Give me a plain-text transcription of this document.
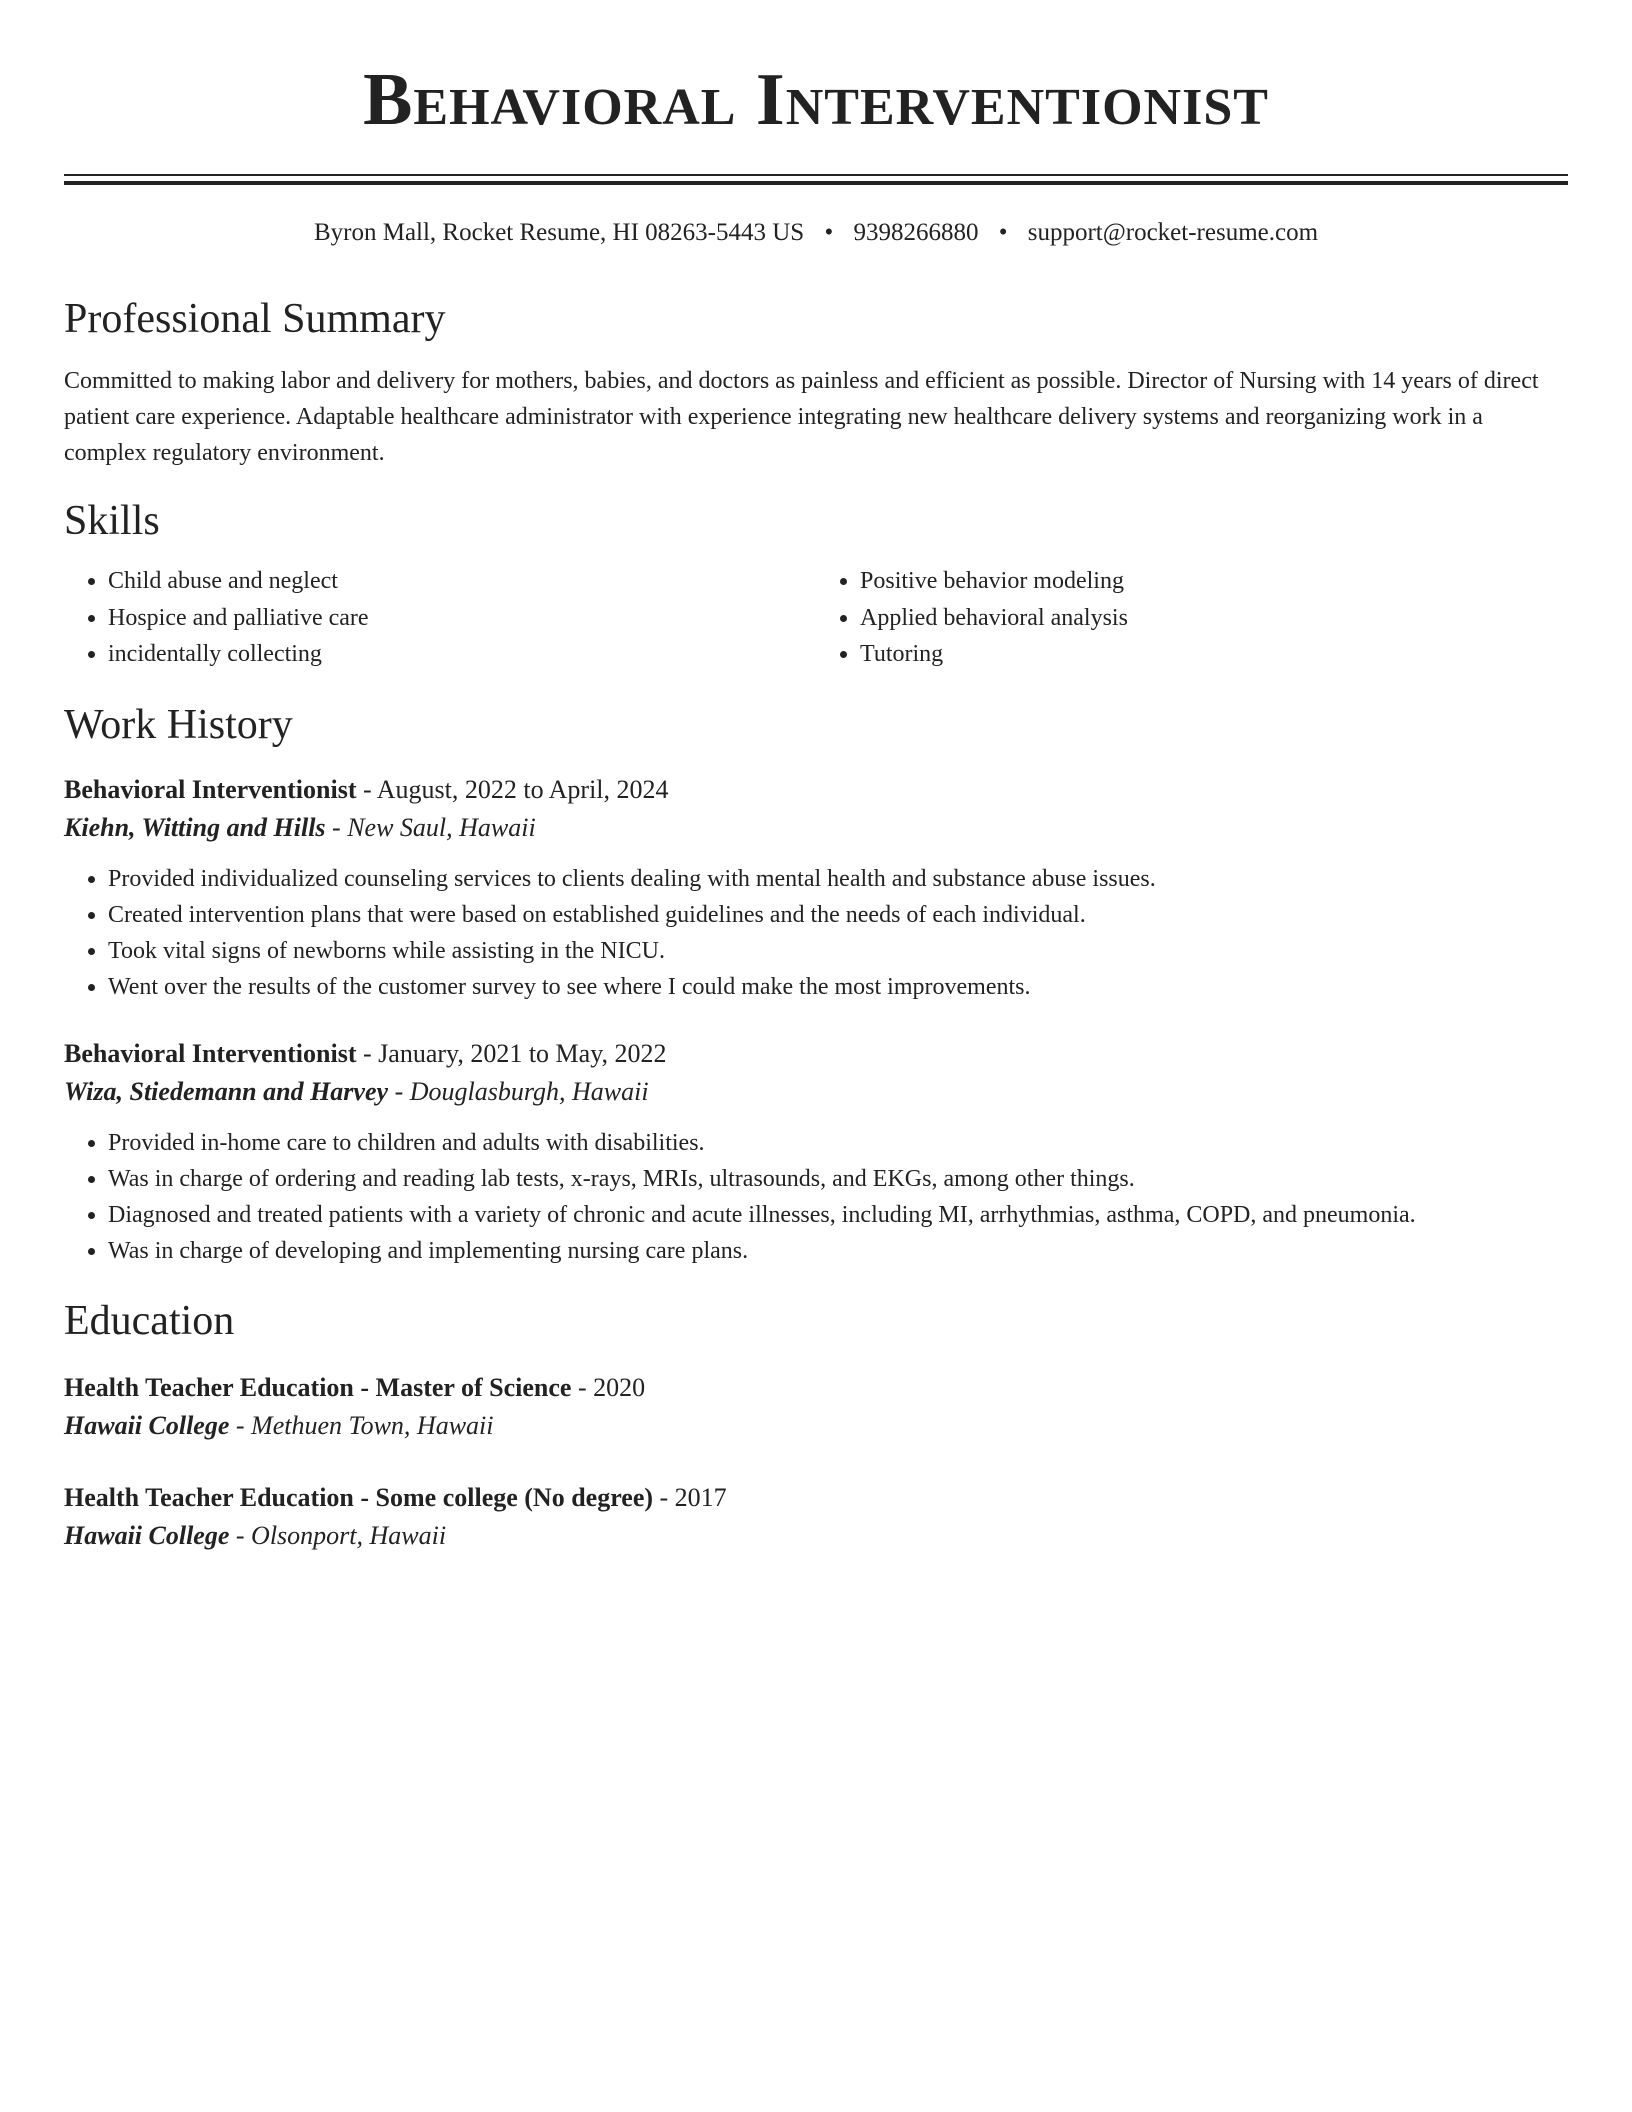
Behavioral Interventionist
Byron Mall, Rocket Resume, HI 08263-5443 US • 9398266880 • support@rocket-resume.com
Professional Summary
Committed to making labor and delivery for mothers, babies, and doctors as painless and efficient as possible. Director of Nursing with 14 years of direct patient care experience. Adaptable healthcare administrator with experience integrating new healthcare delivery systems and reorganizing work in a complex regulatory environment.
Skills
• Child abuse and neglect
• Hospice and palliative care
• incidentally collecting
• Positive behavior modeling
• Applied behavioral analysis
• Tutoring
Work History
Behavioral Interventionist - August, 2022 to April, 2024
Kiehn, Witting and Hills - New Saul, Hawaii
• Provided individualized counseling services to clients dealing with mental health and substance abuse issues.
• Created intervention plans that were based on established guidelines and the needs of each individual.
• Took vital signs of newborns while assisting in the NICU.
• Went over the results of the customer survey to see where I could make the most improvements.
Behavioral Interventionist - January, 2021 to May, 2022
Wiza, Stiedemann and Harvey - Douglasburgh, Hawaii
• Provided in-home care to children and adults with disabilities.
• Was in charge of ordering and reading lab tests, x-rays, MRIs, ultrasounds, and EKGs, among other things.
• Diagnosed and treated patients with a variety of chronic and acute illnesses, including MI, arrhythmias, asthma, COPD, and pneumonia.
• Was in charge of developing and implementing nursing care plans.
Education
Health Teacher Education - Master of Science - 2020
Hawaii College - Methuen Town, Hawaii
Health Teacher Education - Some college (No degree) - 2017
Hawaii College - Olsonport, Hawaii
